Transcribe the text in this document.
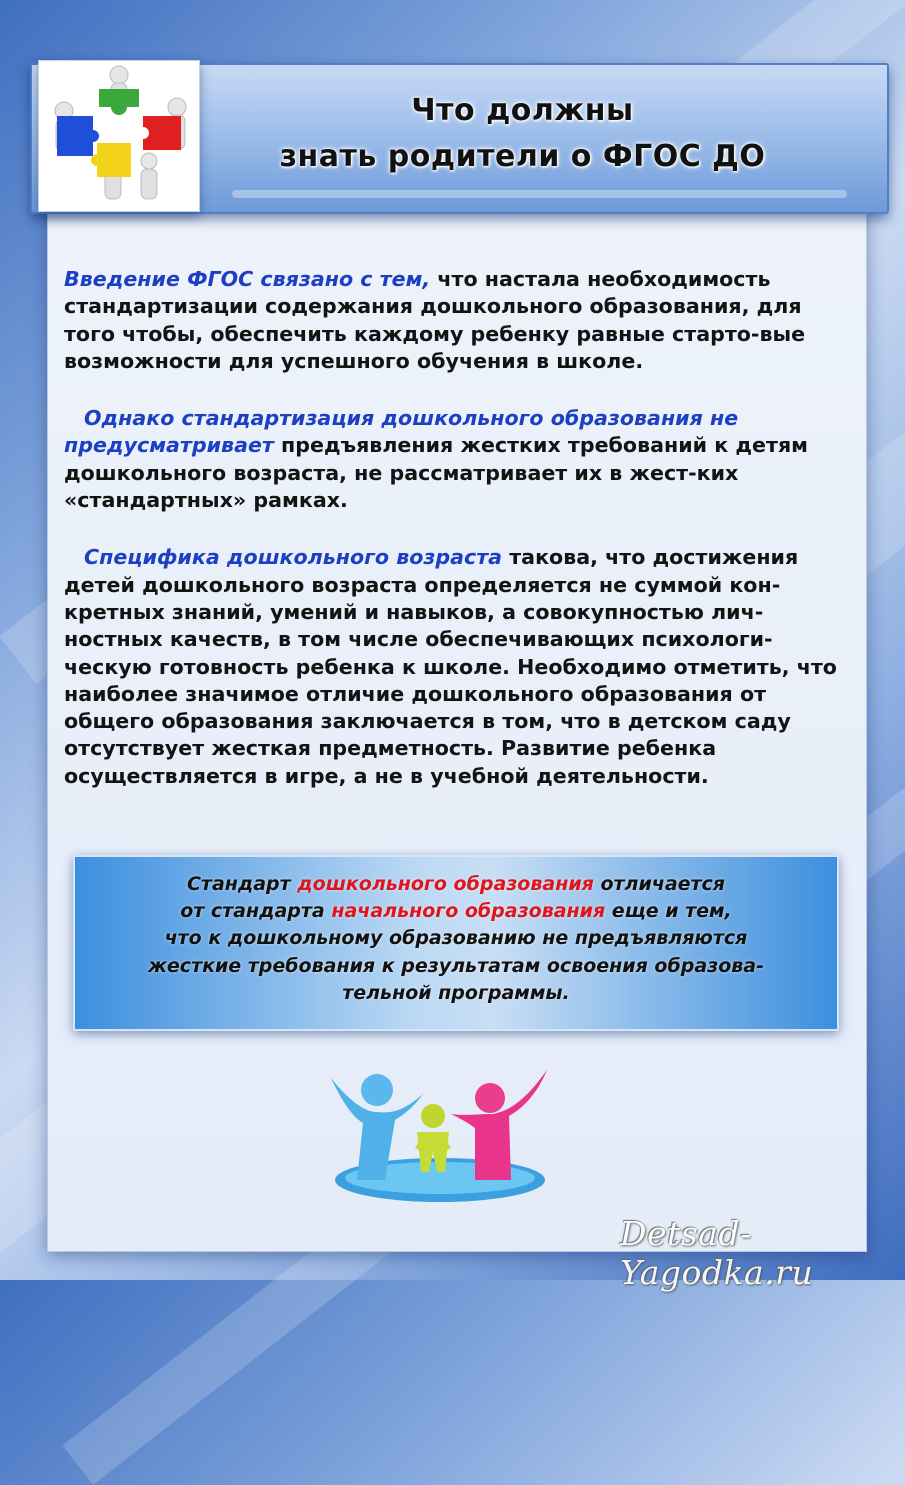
Что должны
знать родители о ФГОС ДО

Введение ФГОС связано с тем, что настала необходимость стандартизации содержания дошкольного образования, для того чтобы, обеспечить каждому ребенку равные старто-вые возможности для успешного обучения в школе.

Однако стандартизация дошкольного образования не предусматривает предъявления жестких требований к детям дошкольного возраста, не рассматривает их в жест-ких «стандартных» рамках.

Специфика дошкольного возраста такова, что достижения детей дошкольного возраста определяется не суммой кон-кретных знаний, умений и навыков, а совокупностью лич-ностных качеств, в том числе обеспечивающих психологи-ческую готовность ребенка к школе. Необходимо отметить, что наиболее значимое отличие дошкольного образования от общего образования заключается в том, что в детском саду отсутствует жесткая предметность. Развитие ребенка осуществляется в игре, а не в учебной деятельности.

Стандарт дошкольного образования отличается
от стандарта начального образования еще и тем,
что к дошкольному образованию не предъявляются
жесткие требования к результатам освоения образова-
тельной программы.
Detsad-Yagodka.ru
